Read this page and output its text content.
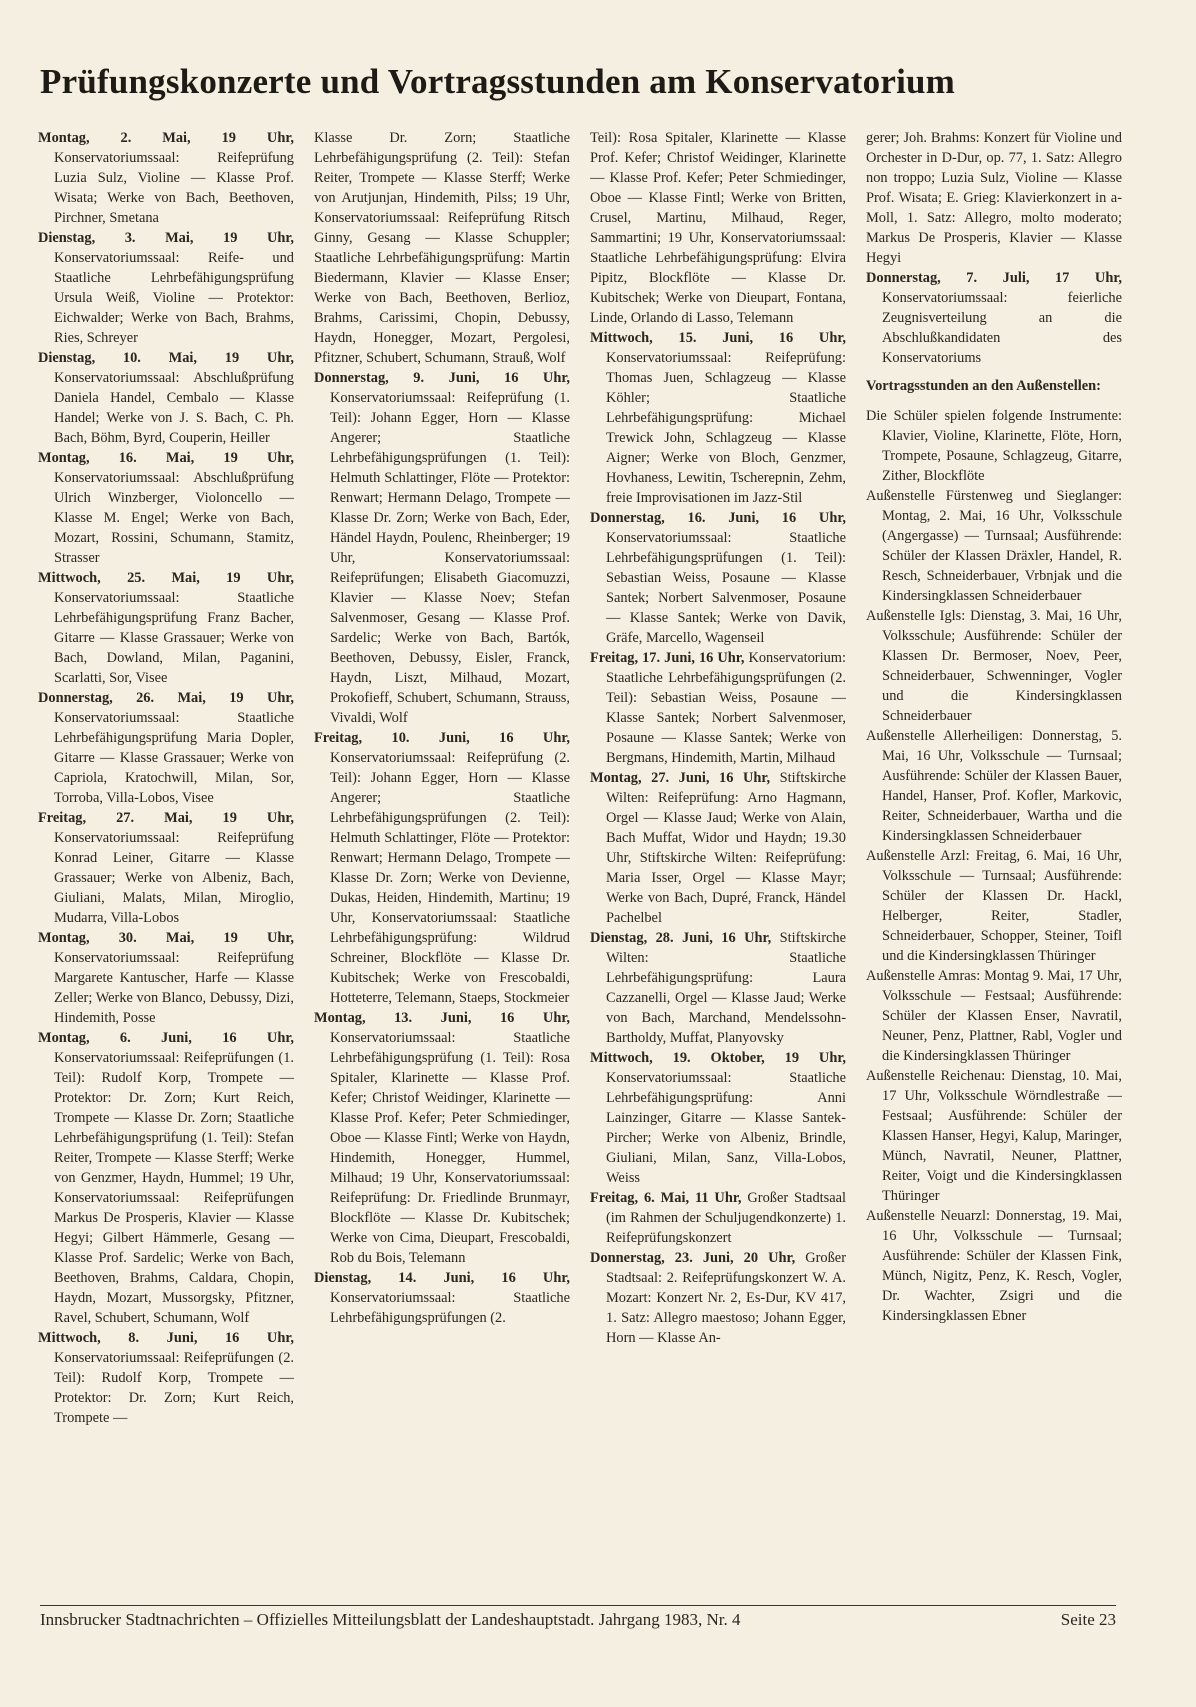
Prüfungskonzerte und Vortragsstunden am Konservatorium

Montag, 2. Mai, 19 Uhr, Konservatoriumssaal: Reifeprüfung Luzia Sulz, Violine — Klasse Prof. Wisata; Werke von Bach, Beethoven, Pirchner, Smetana

Dienstag, 3. Mai, 19 Uhr, Konservatoriumssaal: Reife- und Staatliche Lehrbefähigungsprüfung Ursula Weiß, Violine — Protektor: Eichwalder; Werke von Bach, Brahms, Ries, Schreyer

Dienstag, 10. Mai, 19 Uhr, Konservatoriumssaal: Abschlußprüfung Daniela Handel, Cembalo — Klasse Handel; Werke von J. S. Bach, C. Ph. Bach, Böhm, Byrd, Couperin, Heiller

Montag, 16. Mai, 19 Uhr, Konservatoriumssaal: Abschlußprüfung Ulrich Winzberger, Violoncello — Klasse M. Engel; Werke von Bach, Mozart, Rossini, Schumann, Stamitz, Strasser

Mittwoch, 25. Mai, 19 Uhr, Konservatoriumssaal: Staatliche Lehrbefähigungsprüfung Franz Bacher, Gitarre — Klasse Grassauer; Werke von Bach, Dowland, Milan, Paganini, Scarlatti, Sor, Visee

Donnerstag, 26. Mai, 19 Uhr, Konservatoriumssaal: Staatliche Lehrbefähigungsprüfung Maria Dopler, Gitarre — Klasse Grassauer; Werke von Capriola, Kratochwill, Milan, Sor, Torroba, Villa-Lobos, Visee

Freitag, 27. Mai, 19 Uhr, Konservatoriumssaal: Reifeprüfung Konrad Leiner, Gitarre — Klasse Grassauer; Werke von Albeniz, Bach, Giuliani, Malats, Milan, Miroglio, Mudarra, Villa-Lobos

Montag, 30. Mai, 19 Uhr, Konservatoriumssaal: Reifeprüfung Margarete Kantuscher, Harfe — Klasse Zeller; Werke von Blanco, Debussy, Dizi, Hindemith, Posse

Montag, 6. Juni, 16 Uhr, Konservatoriumssaal: Reifeprüfungen (1. Teil): Rudolf Korp, Trompete — Protektor: Dr. Zorn; Kurt Reich, Trompete — Klasse Dr. Zorn; Staatliche Lehrbefähigungsprüfung (1. Teil): Stefan Reiter, Trompete — Klasse Sterff; Werke von Genzmer, Haydn, Hummel; 19 Uhr, Konservatoriumssaal: Reifeprüfungen Markus De Prosperis, Klavier — Klasse Hegyi; Gilbert Hämmerle, Gesang — Klasse Prof. Sardelic; Werke von Bach, Beethoven, Brahms, Caldara, Chopin, Haydn, Mozart, Mussorgsky, Pfitzner, Ravel, Schubert, Schumann, Wolf

Mittwoch, 8. Juni, 16 Uhr, Konservatoriumssaal: Reifeprüfungen (2. Teil): Rudolf Korp, Trompete — Protektor: Dr. Zorn; Kurt Reich, Trompete —

Klasse Dr. Zorn; Staatliche Lehrbefähigungsprüfung (2. Teil): Stefan Reiter, Trompete — Klasse Sterff; Werke von Arutjunjan, Hindemith, Pilss; 19 Uhr, Konservatoriumssaal: Reifeprüfung Ritsch Ginny, Gesang — Klasse Schuppler; Staatliche Lehrbefähigungsprüfung: Martin Biedermann, Klavier — Klasse Enser; Werke von Bach, Beethoven, Berlioz, Brahms, Carissimi, Chopin, Debussy, Haydn, Honegger, Mozart, Pergolesi, Pfitzner, Schubert, Schumann, Strauß, Wolf

Donnerstag, 9. Juni, 16 Uhr, Konservatoriumssaal: Reifeprüfung (1. Teil): Johann Egger, Horn — Klasse Angerer; Staatliche Lehrbefähigungsprüfungen (1. Teil): Helmuth Schlattinger, Flöte — Protektor: Renwart; Hermann Delago, Trompete — Klasse Dr. Zorn; Werke von Bach, Eder, Händel Haydn, Poulenc, Rheinberger; 19 Uhr, Konservatoriumssaal: Reifeprüfungen; Elisabeth Giacomuzzi, Klavier — Klasse Noev; Stefan Salvenmoser, Gesang — Klasse Prof. Sardelic; Werke von Bach, Bartók, Beethoven, Debussy, Eisler, Franck, Haydn, Liszt, Milhaud, Mozart, Prokofieff, Schubert, Schumann, Strauss, Vivaldi, Wolf

Freitag, 10. Juni, 16 Uhr, Konservatoriumssaal: Reifeprüfung (2. Teil): Johann Egger, Horn — Klasse Angerer; Staatliche Lehrbefähigungsprüfungen (2. Teil): Helmuth Schlattinger, Flöte — Protektor: Renwart; Hermann Delago, Trompete — Klasse Dr. Zorn; Werke von Devienne, Dukas, Heiden, Hindemith, Martinu; 19 Uhr, Konservatoriumssaal: Staatliche Lehrbefähigungsprüfung: Wildrud Schreiner, Blockflöte — Klasse Dr. Kubitschek; Werke von Frescobaldi, Hotteterre, Telemann, Staeps, Stockmeier

Montag, 13. Juni, 16 Uhr, Konservatoriumssaal: Staatliche Lehrbefähigungsprüfung (1. Teil): Rosa Spitaler, Klarinette — Klasse Prof. Kefer; Christof Weidinger, Klarinette — Klasse Prof. Kefer; Peter Schmiedinger, Oboe — Klasse Fintl; Werke von Haydn, Hindemith, Honegger, Hummel, Milhaud; 19 Uhr, Konservatoriumssaal: Reifeprüfung: Dr. Friedlinde Brunmayr, Blockflöte — Klasse Dr. Kubitschek; Werke von Cima, Dieupart, Frescobaldi, Rob du Bois, Telemann

Dienstag, 14. Juni, 16 Uhr, Konservatoriumssaal: Staatliche Lehrbefähigungsprüfungen (2.

Teil): Rosa Spitaler, Klarinette — Klasse Prof. Kefer; Christof Weidinger, Klarinette — Klasse Prof. Kefer; Peter Schmiedinger, Oboe — Klasse Fintl; Werke von Britten, Crusel, Martinu, Milhaud, Reger, Sammartini; 19 Uhr, Konservatoriumssaal: Staatliche Lehrbefähigungsprüfung: Elvira Pipitz, Blockflöte — Klasse Dr. Kubitschek; Werke von Dieupart, Fontana, Linde, Orlando di Lasso, Telemann

Mittwoch, 15. Juni, 16 Uhr, Konservatoriumssaal: Reifeprüfung: Thomas Juen, Schlagzeug — Klasse Köhler; Staatliche Lehrbefähigungsprüfung: Michael Trewick John, Schlagzeug — Klasse Aigner; Werke von Bloch, Genzmer, Hovhaness, Lewitin, Tscherepnin, Zehm, freie Improvisationen im Jazz-Stil

Donnerstag, 16. Juni, 16 Uhr, Konservatoriumssaal: Staatliche Lehrbefähigungsprüfungen (1. Teil): Sebastian Weiss, Posaune — Klasse Santek; Norbert Salvenmoser, Posaune — Klasse Santek; Werke von Davik, Gräfe, Marcello, Wagenseil

Freitag, 17. Juni, 16 Uhr, Konservatorium: Staatliche Lehrbefähigungsprüfungen (2. Teil): Sebastian Weiss, Posaune — Klasse Santek; Norbert Salvenmoser, Posaune — Klasse Santek; Werke von Bergmans, Hindemith, Martin, Milhaud

Montag, 27. Juni, 16 Uhr, Stiftskirche Wilten: Reifeprüfung: Arno Hagmann, Orgel — Klasse Jaud; Werke von Alain, Bach Muffat, Widor und Haydn; 19.30 Uhr, Stiftskirche Wilten: Reifeprüfung: Maria Isser, Orgel — Klasse Mayr; Werke von Bach, Dupré, Franck, Händel Pachelbel

Dienstag, 28. Juni, 16 Uhr, Stiftskirche Wilten: Staatliche Lehrbefähigungsprüfung: Laura Cazzanelli, Orgel — Klasse Jaud; Werke von Bach, Marchand, Mendelssohn-Bartholdy, Muffat, Planyovsky

Mittwoch, 19. Oktober, 19 Uhr, Konservatoriumssaal: Staatliche Lehrbefähigungsprüfung: Anni Lainzinger, Gitarre — Klasse Santek-Pircher; Werke von Albeniz, Brindle, Giuliani, Milan, Sanz, Villa-Lobos, Weiss

Freitag, 6. Mai, 11 Uhr, Großer Stadtsaal (im Rahmen der Schuljugendkonzerte) 1. Reifeprüfungskonzert

Donnerstag, 23. Juni, 20 Uhr, Großer Stadtsaal: 2. Reifeprüfungskonzert W. A. Mozart: Konzert Nr. 2, Es-Dur, KV 417, 1. Satz: Allegro maestoso; Johann Egger, Horn — Klasse An-

gerer; Joh. Brahms: Konzert für Violine und Orchester in D-Dur, op. 77, 1. Satz: Allegro non troppo; Luzia Sulz, Violine — Klasse Prof. Wisata; E. Grieg: Klavierkonzert in a-Moll, 1. Satz: Allegro, molto moderato; Markus De Prosperis, Klavier — Klasse Hegyi

Donnerstag, 7. Juli, 17 Uhr, Konservatoriumssaal: feierliche Zeugnisverteilung an die Abschlußkandidaten des Konservatoriums

Vortragsstunden an den Außenstellen:

Die Schüler spielen folgende Instrumente: Klavier, Violine, Klarinette, Flöte, Horn, Trompete, Posaune, Schlagzeug, Gitarre, Zither, Blockflöte

Außenstelle Fürstenweg und Sieglanger: Montag, 2. Mai, 16 Uhr, Volksschule (Angergasse) — Turnsaal; Ausführende: Schüler der Klassen Dräxler, Handel, R. Resch, Schneiderbauer, Vrbnjak und die Kindersingklassen Schneiderbauer

Außenstelle Igls: Dienstag, 3. Mai, 16 Uhr, Volksschule; Ausführende: Schüler der Klassen Dr. Bermoser, Noev, Peer, Schneiderbauer, Schwenninger, Vogler und die Kindersingklassen Schneiderbauer

Außenstelle Allerheiligen: Donnerstag, 5. Mai, 16 Uhr, Volksschule — Turnsaal; Ausführende: Schüler der Klassen Bauer, Handel, Hanser, Prof. Kofler, Markovic, Reiter, Schneiderbauer, Wartha und die Kindersingklassen Schneiderbauer

Außenstelle Arzl: Freitag, 6. Mai, 16 Uhr, Volksschule — Turnsaal; Ausführende: Schüler der Klassen Dr. Hackl, Helberger, Reiter, Stadler, Schneiderbauer, Schopper, Steiner, Toifl und die Kindersingklassen Thüringer

Außenstelle Amras: Montag 9. Mai, 17 Uhr, Volksschule — Festsaal; Ausführende: Schüler der Klassen Enser, Navratil, Neuner, Penz, Plattner, Rabl, Vogler und die Kindersingklassen Thüringer

Außenstelle Reichenau: Dienstag, 10. Mai, 17 Uhr, Volksschule Wörndlestraße — Festsaal; Ausführende: Schüler der Klassen Hanser, Hegyi, Kalup, Maringer, Münch, Navratil, Neuner, Plattner, Reiter, Voigt und die Kindersingklassen Thüringer

Außenstelle Neuarzl: Donnerstag, 19. Mai, 16 Uhr, Volksschule — Turnsaal; Ausführende: Schüler der Klassen Fink, Münch, Nigitz, Penz, K. Resch, Vogler, Dr. Wachter, Zsigri und die Kindersingklassen Ebner

Innsbrucker Stadtnachrichten – Offizielles Mitteilungsblatt der Landeshauptstadt. Jahrgang 1983, Nr. 4	Seite 23
